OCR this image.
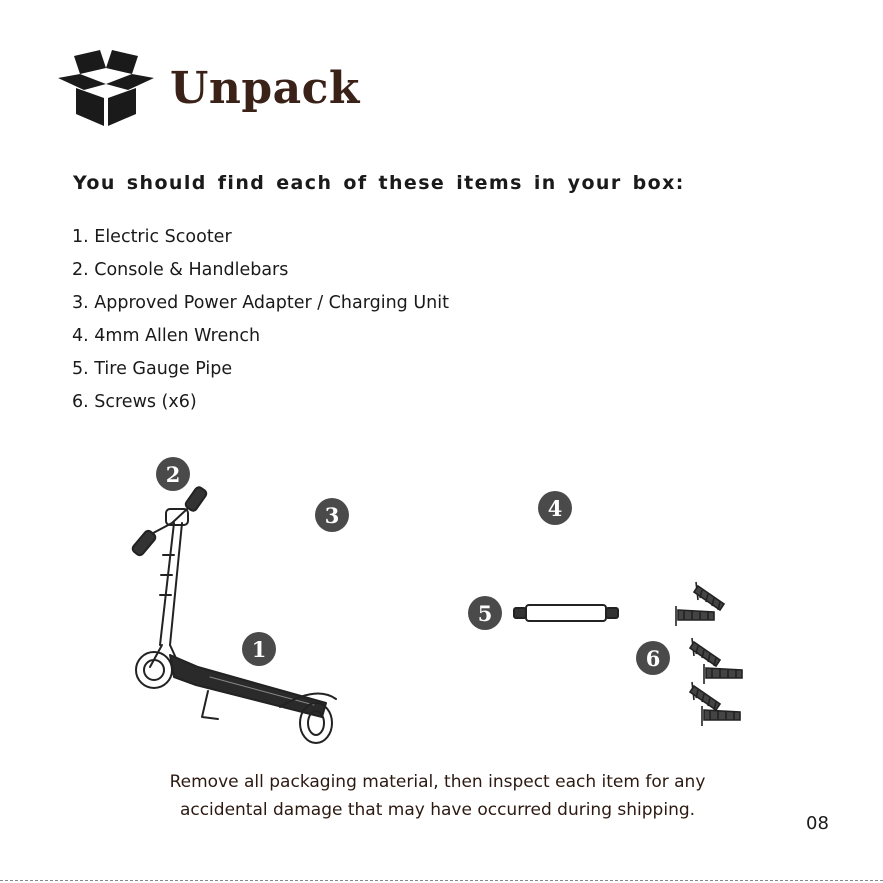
Unpack
You should find each of these items in your box:
1. Electric Scooter
2. Console & Handlebars
3. Approved Power Adapter / Charging Unit
4. 4mm Allen Wrench
5. Tire Gauge Pipe
6. Screws (x6)
2
3	4
1
5
6
Remove all packaging material, then inspect each item for any
accidental damage that may have occurred during shipping.
08
